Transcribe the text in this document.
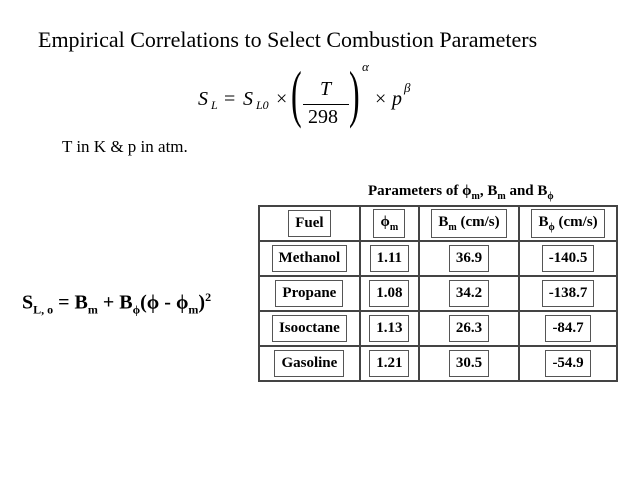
Empirical Correlations to Select Combustion Parameters
S L = S L0 × ( T
298 ) α
× p
β
T in K & p in atm.
$S_{L, o} = B_m + B_\phi(\phi - \phi_m)^2$
Parameters of $\phi_m$, $B_m$ and $B_\phi$
Fuel	$\phi_m$	$B_m$ (cm/s)	$B_\phi$ (cm/s)
Methanol	1.11	36.9	-140.5
Propane	1.08	34.2	-138.7
Isooctane	1.13	26.3	-84.7
Gasoline	1.21	30.5	-54.9
